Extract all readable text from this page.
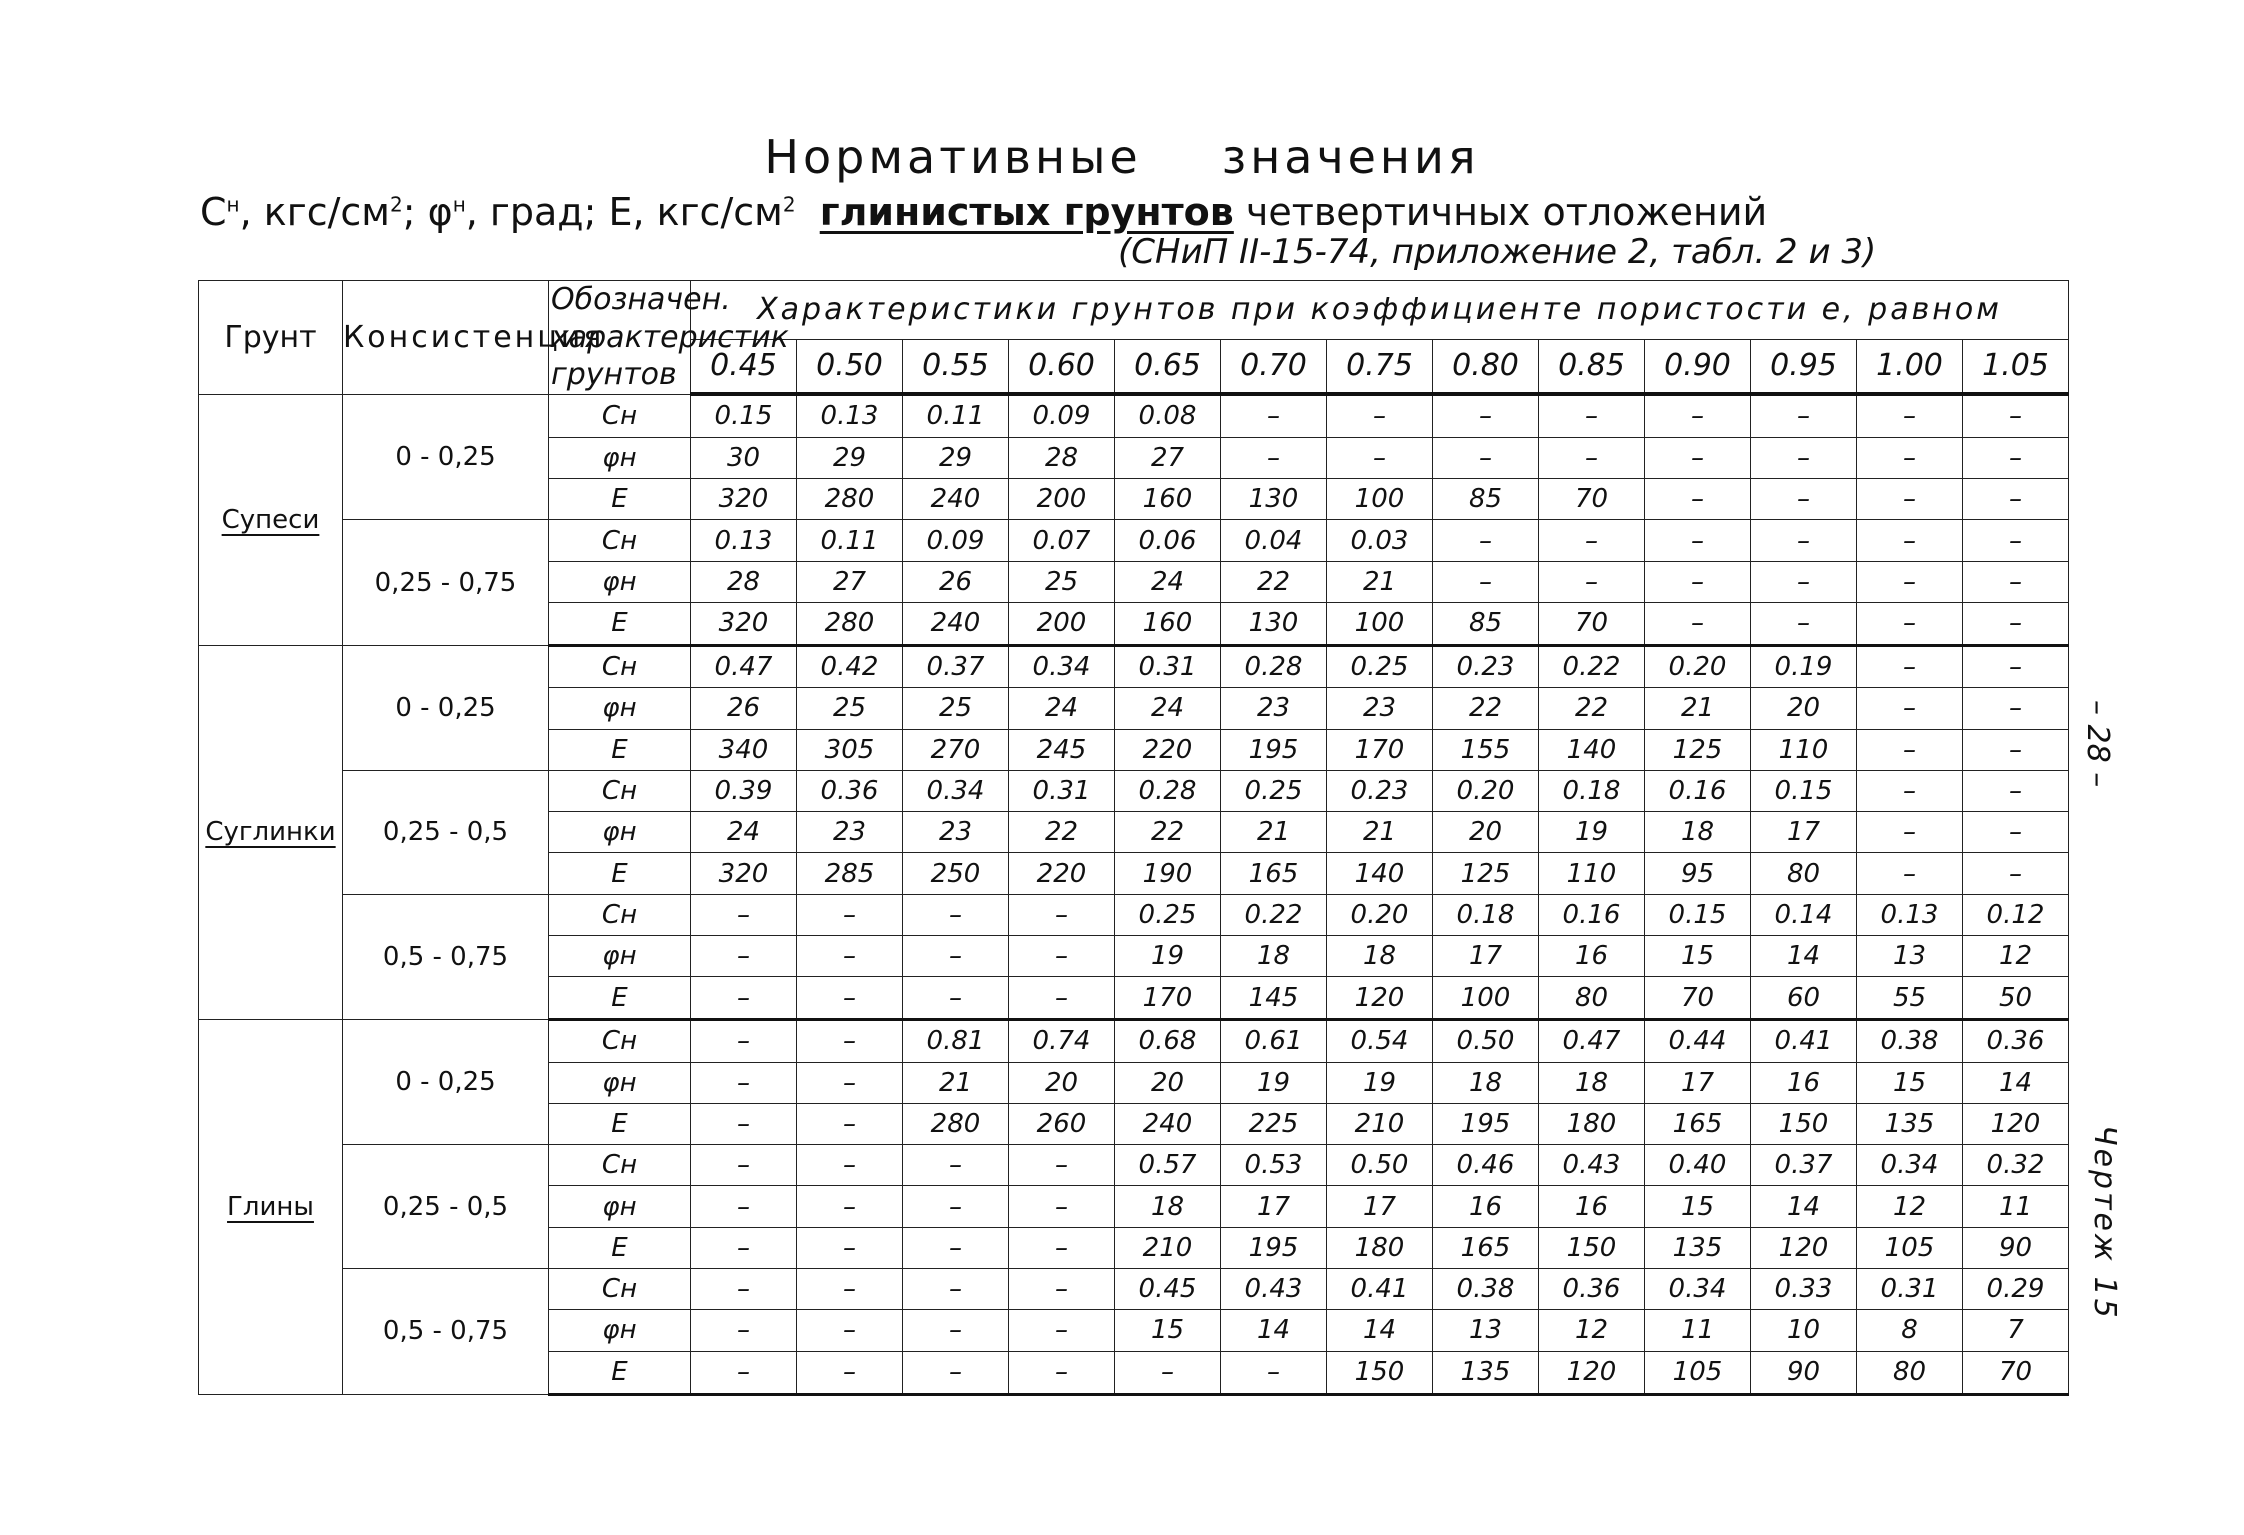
Нормативные значения
$С^н$, кгс/$см^2$; $\varphi^н$, град; Е, кгс/$см^2$ глинистых грунтов четвертичных отложений
(СНиП II-15-74, приложение 2, табл. 2 и 3)
Грунт	Консистенция	Обозначен. характеристик грунтов	Характеристики грунтов при коэффициенте пористости е, равном												
			0.45	0.50	0.55	0.60	0.65	0.70	0.75	0.80	0.85	0.90	0.95	1.00	1.05
Супеси	0 - 0,25	Сн	0.15	0.13	0.11	0.09	0.08	–	–	–	–	–	–	–	–
		φн	30	29	29	28	27	–	–	–	–	–	–	–	–
		Е	320	280	240	200	160	130	100	85	70	–	–	–	–
	0,25 - 0,75	Сн	0.13	0.11	0.09	0.07	0.06	0.04	0.03	–	–	–	–	–	–
		φн	28	27	26	25	24	22	21	–	–	–	–	–	–
		Е	320	280	240	200	160	130	100	85	70	–	–	–	–
Суглинки	0 - 0,25	Сн	0.47	0.42	0.37	0.34	0.31	0.28	0.25	0.23	0.22	0.20	0.19	–	–
		φн	26	25	25	24	24	23	23	22	22	21	20	–	–
		Е	340	305	270	245	220	195	170	155	140	125	110	–	–
	0,25 - 0,5	Сн	0.39	0.36	0.34	0.31	0.28	0.25	0.23	0.20	0.18	0.16	0.15	–	–
		φн	24	23	23	22	22	21	21	20	19	18	17	–	–
		Е	320	285	250	220	190	165	140	125	110	95	80	–	–
	0,5 - 0,75	Сн	–	–	–	–	0.25	0.22	0.20	0.18	0.16	0.15	0.14	0.13	0.12
		φн	–	–	–	–	19	18	18	17	16	15	14	13	12
		Е	–	–	–	–	170	145	120	100	80	70	60	55	50
Глины	0 - 0,25	Сн	–	–	0.81	0.74	0.68	0.61	0.54	0.50	0.47	0.44	0.41	0.38	0.36
		φн	–	–	21	20	20	19	19	18	18	17	16	15	14
		Е	–	–	280	260	240	225	210	195	180	165	150	135	120
	0,25 - 0,5	Сн	–	–	–	–	0.57	0.53	0.50	0.46	0.43	0.40	0.37	0.34	0.32
		φн	–	–	–	–	18	17	17	16	16	15	14	12	11
		Е	–	–	–	–	210	195	180	165	150	135	120	105	90
	0,5 - 0,75	Сн	–	–	–	–	0.45	0.43	0.41	0.38	0.36	0.34	0.33	0.31	0.29
		φн	–	–	–	–	15	14	14	13	12	11	10	8	7
		Е	–	–	–	–	–	–	150	135	120	105	90	80	70
– 28 –
Чертеж 15
